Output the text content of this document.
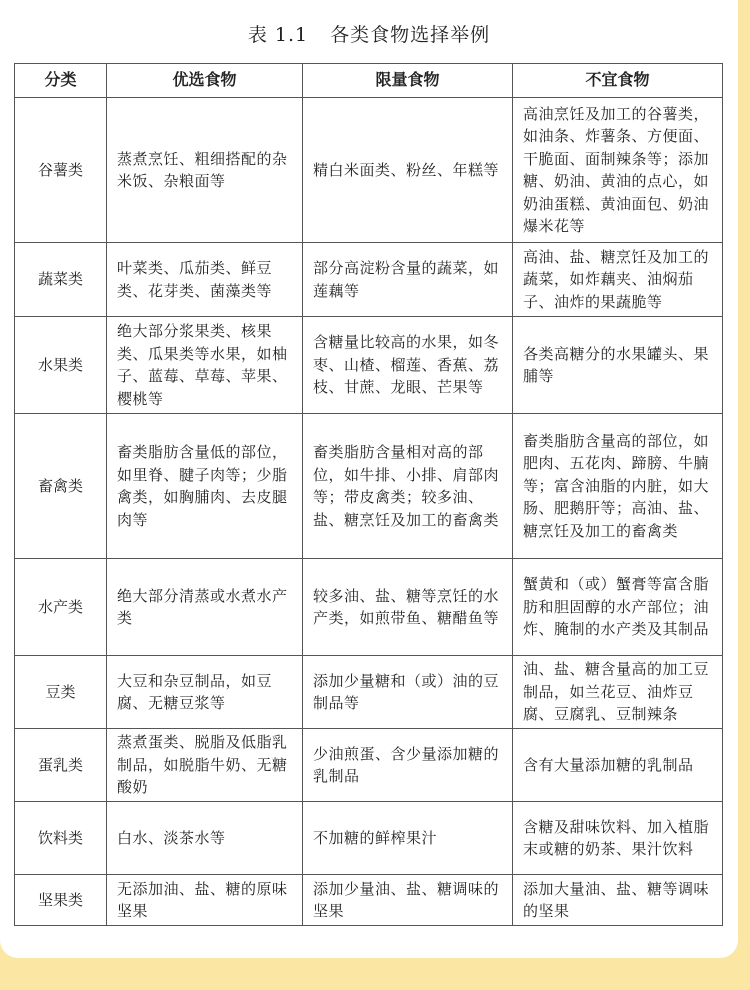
表 1.1 各类食物选择举例
分类	优选食物	限量食物	不宜食物
谷薯类	蒸煮烹饪、粗细搭配的杂米饭、杂粮面等	精白米面类、粉丝、年糕等	高油烹饪及加工的谷薯类，如油条、炸薯条、方便面、干脆面、面制辣条等；添加糖、奶油、黄油的点心，如奶油蛋糕、黄油面包、奶油爆米花等
蔬菜类	叶菜类、瓜茄类、鲜豆类、花芽类、菌藻类等	部分高淀粉含量的蔬菜，如莲藕等	高油、盐、糖烹饪及加工的蔬菜，如炸藕夹、油焖茄子、油炸的果蔬脆等
水果类	绝大部分浆果类、核果类、瓜果类等水果，如柚子、蓝莓、草莓、苹果、樱桃等	含糖量比较高的水果，如冬枣、山楂、榴莲、香蕉、荔枝、甘蔗、龙眼、芒果等	各类高糖分的水果罐头、果脯等
畜禽类	畜类脂肪含量低的部位，如里脊、腱子肉等；少脂禽类，如胸脯肉、去皮腿肉等	畜类脂肪含量相对高的部位，如牛排、小排、肩部肉等；带皮禽类；较多油、盐、糖烹饪及加工的畜禽类	畜类脂肪含量高的部位，如肥肉、五花肉、蹄膀、牛腩等；富含油脂的内脏，如大肠、肥鹅肝等；高油、盐、糖烹饪及加工的畜禽类
水产类	绝大部分清蒸或水煮水产类	较多油、盐、糖等烹饪的水产类，如煎带鱼、糖醋鱼等	蟹黄和（或）蟹膏等富含脂肪和胆固醇的水产部位；油炸、腌制的水产类及其制品
豆类	大豆和杂豆制品，如豆腐、无糖豆浆等	添加少量糖和（或）油的豆制品等	油、盐、糖含量高的加工豆制品，如兰花豆、油炸豆腐、豆腐乳、豆制辣条
蛋乳类	蒸煮蛋类、脱脂及低脂乳制品，如脱脂牛奶、无糖酸奶	少油煎蛋、含少量添加糖的乳制品	含有大量添加糖的乳制品
饮料类	白水、淡茶水等	不加糖的鲜榨果汁	含糖及甜味饮料、加入植脂末或糖的奶茶、果汁饮料
坚果类	无添加油、盐、糖的原味坚果	添加少量油、盐、糖调味的坚果	添加大量油、盐、糖等调味的坚果
